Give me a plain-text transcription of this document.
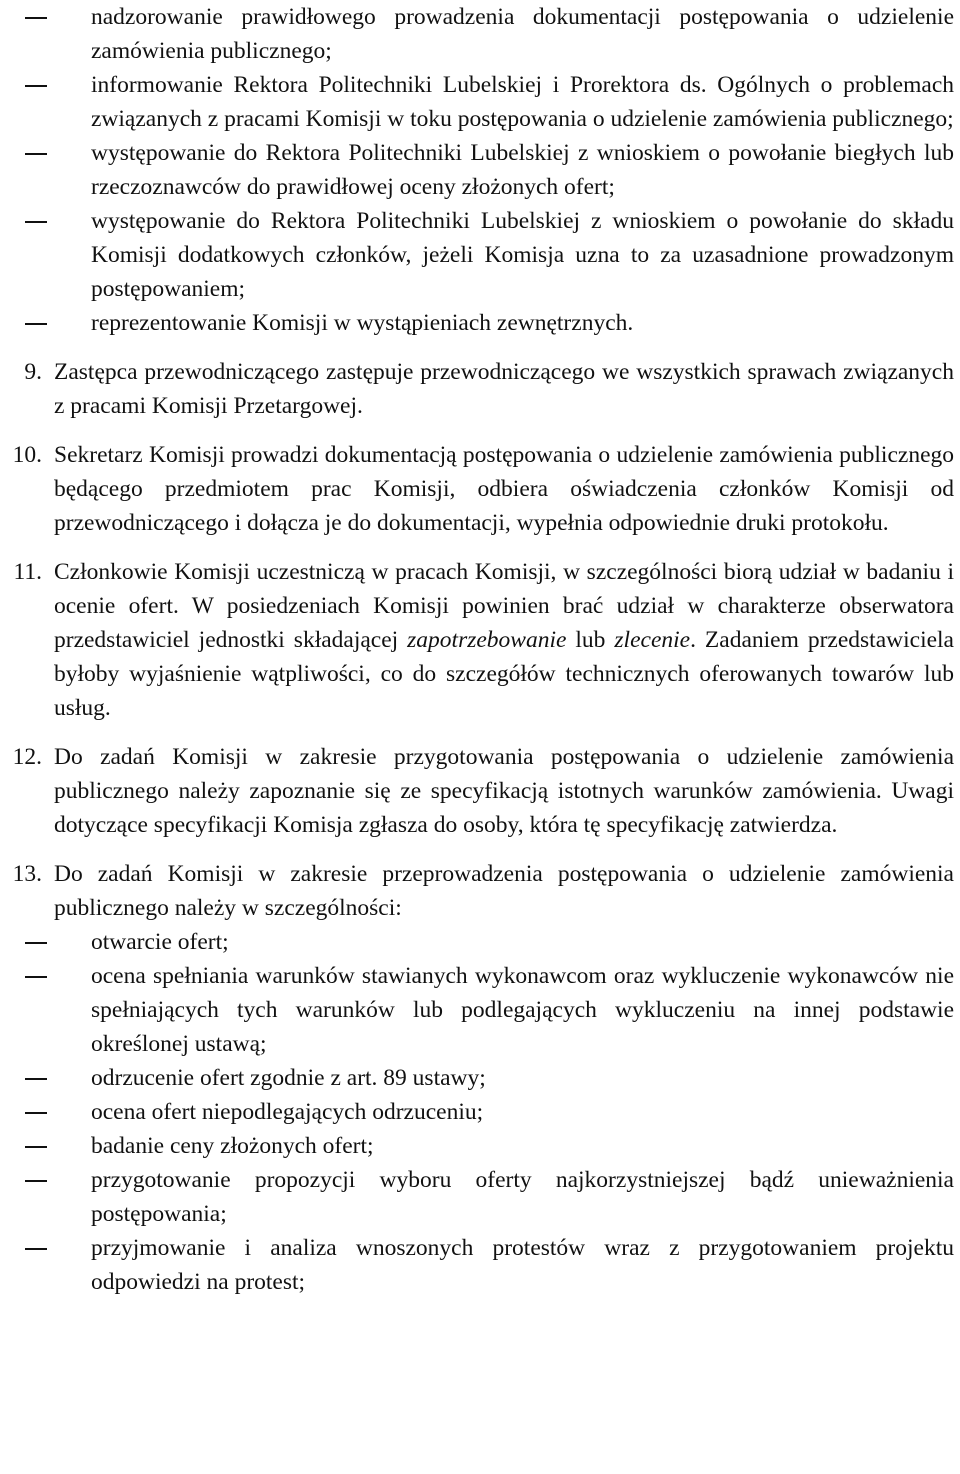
nadzorowanie prawidłowego prowadzenia dokumentacji postępowania o udzielenie zamówienia publicznego;
informowanie Rektora Politechniki Lubelskiej i Prorektora ds. Ogólnych o problemach związanych z pracami Komisji w toku postępowania o udzielenie zamówienia publicznego;
występowanie do Rektora Politechniki Lubelskiej z wnioskiem o powołanie biegłych lub rzeczoznawców do prawidłowej oceny złożonych ofert;
występowanie do Rektora Politechniki Lubelskiej z wnioskiem o powołanie do składu Komisji dodatkowych członków, jeżeli Komisja uzna to za uzasadnione prowadzonym postępowaniem;
reprezentowanie Komisji w wystąpieniach zewnętrznych.
9. Zastępca przewodniczącego zastępuje przewodniczącego we wszystkich sprawach związanych z pracami Komisji Przetargowej.

10. Sekretarz Komisji prowadzi dokumentacją postępowania o udzielenie zamówienia publicznego będącego przedmiotem prac Komisji, odbiera oświadczenia członków Komisji od przewodniczącego i dołącza je do dokumentacji, wypełnia odpowiednie druki protokołu.

11. Członkowie Komisji uczestniczą w pracach Komisji, w szczególności biorą udział w badaniu i ocenie ofert. W posiedzeniach Komisji powinien brać udział w charakterze obserwatora przedstawiciel jednostki składającej zapotrzebowanie lub zlecenie. Zadaniem przedstawiciela byłoby wyjaśnienie wątpliwości, co do szczegółów technicznych oferowanych towarów lub usług.

12. Do zadań Komisji w zakresie przygotowania postępowania o udzielenie zamówienia publicznego należy zapoznanie się ze specyfikacją istotnych warunków zamówienia. Uwagi dotyczące specyfikacji Komisja zgłasza do osoby, która tę specyfikację zatwierdza.

13. Do zadań Komisji w zakresie przeprowadzenia postępowania o udzielenie zamówienia publicznego należy w szczególności:

otwarcie ofert;
ocena spełniania warunków stawianych wykonawcom oraz wykluczenie wykonawców nie spełniających tych warunków lub podlegających wykluczeniu na innej podstawie określonej ustawą;
odrzucenie ofert zgodnie z art. 89 ustawy;
ocena ofert niepodlegających odrzuceniu;
badanie ceny złożonych ofert;
przygotowanie propozycji wyboru oferty najkorzystniejszej bądź unieważnienia postępowania;
przyjmowanie i analiza wnoszonych protestów wraz z przygotowaniem projektu odpowiedzi na protest;
